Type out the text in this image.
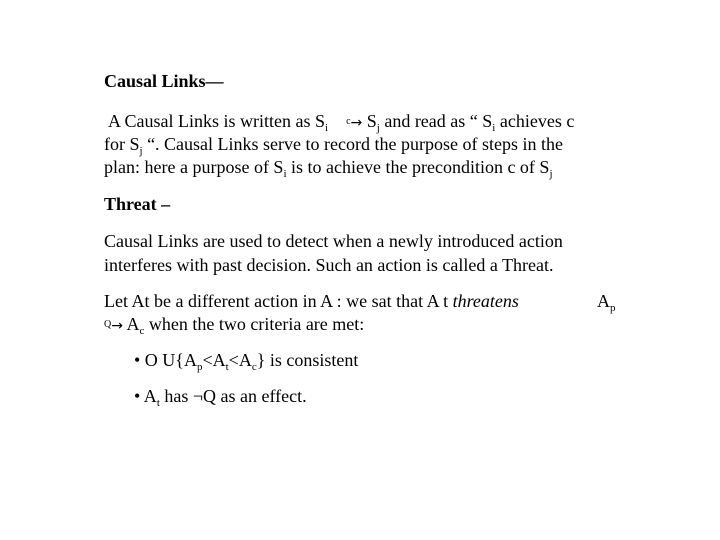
Causal Links—
A Causal Links is written as $S_ic\to S_j$ and read as “ $S_i$ achieves c
for $S_j$ “. Causal Links serve to record the purpose of steps in the
plan: here a purpose of $S_i$ is to achieve the precondition c of $S_j$
Threat –
Causal Links are used to detect when a newly introduced action
interferes with past decision. Such an action is called a Threat.
Let At be a different action in A : we sat that A t threatens	$A_p$
$Q\to A_c$ when the two criteria are met:
• O $U\{A_p<A_t<A_c\}$ is consistent
• $A_t$ has ¬Q as an effect.
